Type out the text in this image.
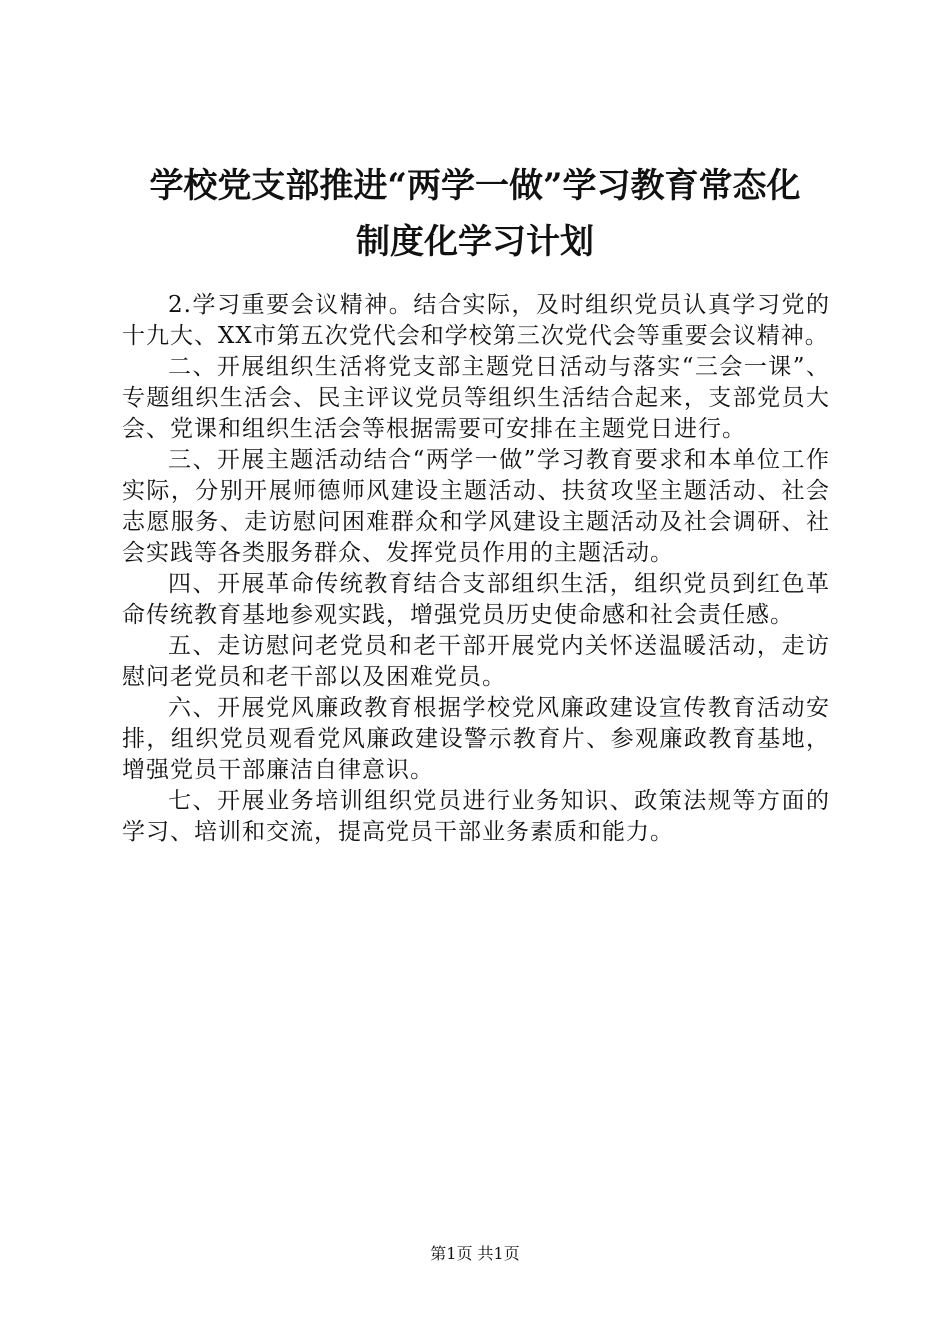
学校党支部推进“两学一做”学习教育常态化
制度化学习计划

2.学习重要会议精神。结合实际，及时组织党员认真学习党的十九大、XX市第五次党代会和学校第三次党代会等重要会议精神。

二、开展组织生活将党支部主题党日活动与落实“三会一课”、专题组织生活会、民主评议党员等组织生活结合起来，支部党员大会、党课和组织生活会等根据需要可安排在主题党日进行。

三、开展主题活动结合“两学一做”学习教育要求和本单位工作实际，分别开展师德师风建设主题活动、扶贫攻坚主题活动、社会志愿服务、走访慰问困难群众和学风建设主题活动及社会调研、社会实践等各类服务群众、发挥党员作用的主题活动。

四、开展革命传统教育结合支部组织生活，组织党员到红色革命传统教育基地参观实践，增强党员历史使命感和社会责任感。

五、走访慰问老党员和老干部开展党内关怀送温暖活动，走访慰问老党员和老干部以及困难党员。

六、开展党风廉政教育根据学校党风廉政建设宣传教育活动安排，组织党员观看党风廉政建设警示教育片、参观廉政教育基地，增强党员干部廉洁自律意识。

七、开展业务培训组织党员进行业务知识、政策法规等方面的学习、培训和交流，提高党员干部业务素质和能力。

第1页 共1页
